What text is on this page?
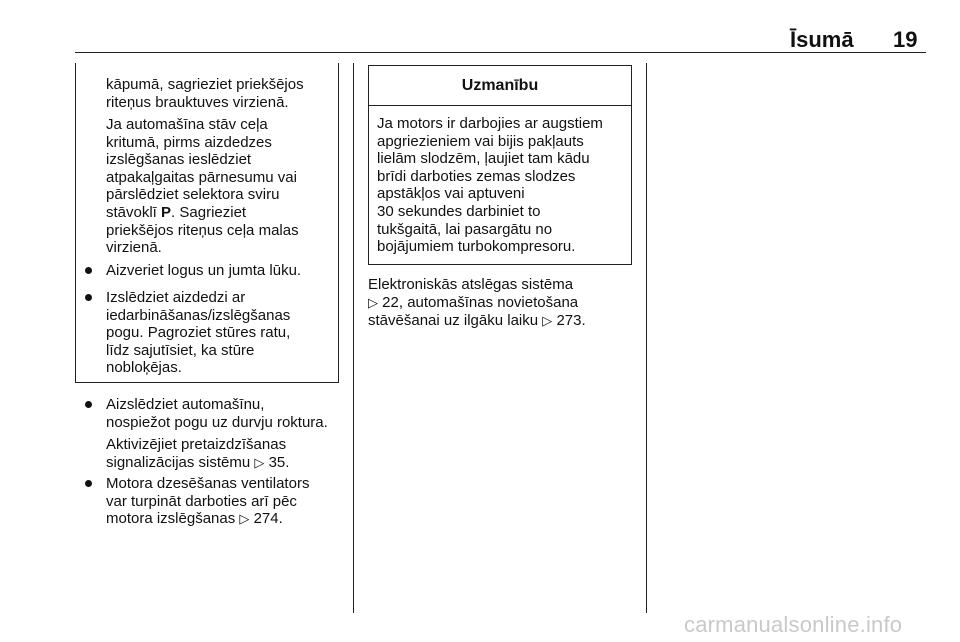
Īsumā 19
kāpumā, sagrieziet priekšējos
riteņus brauktuves virzienā.
Ja automašīna stāv ceļa
kritumā, pirms aizdedzes
izslēgšanas ieslēdziet
atpakaļgaitas pārnesumu vai
pārslēdziet selektora sviru
stāvoklī P. Sagrieziet
priekšējos riteņus ceļa malas
virzienā.
Aizveriet logus un jumta lūku.
Izslēdziet aizdedzi ar
iedarbināšanas/izslēgšanas
pogu. Pagroziet stūres ratu,
līdz sajutīsiet, ka stūre
nobloķējas.
Aizslēdziet automašīnu,
nospiežot pogu uz durvju roktura.
Aktivizējiet pretaizdzīšanas
signalizācijas sistēmu ▷ 35.
Motora dzesēšanas ventilators
var turpināt darboties arī pēc
motora izslēgšanas ▷ 274.
Uzmanību
Ja motors ir darbojies ar augstiem
apgriezieniem vai bijis pakļauts
lielām slodzēm, ļaujiet tam kādu
brīdi darboties zemas slodzes
apstākļos vai aptuveni
30 sekundes darbiniet to
tukšgaitā, lai pasargātu no
bojājumiem turbokompresoru.
Elektroniskās atslēgas sistēma
▷ 22, automašīnas novietošana
stāvēšanai uz ilgāku laiku ▷ 273.
carmanualsonline.info
